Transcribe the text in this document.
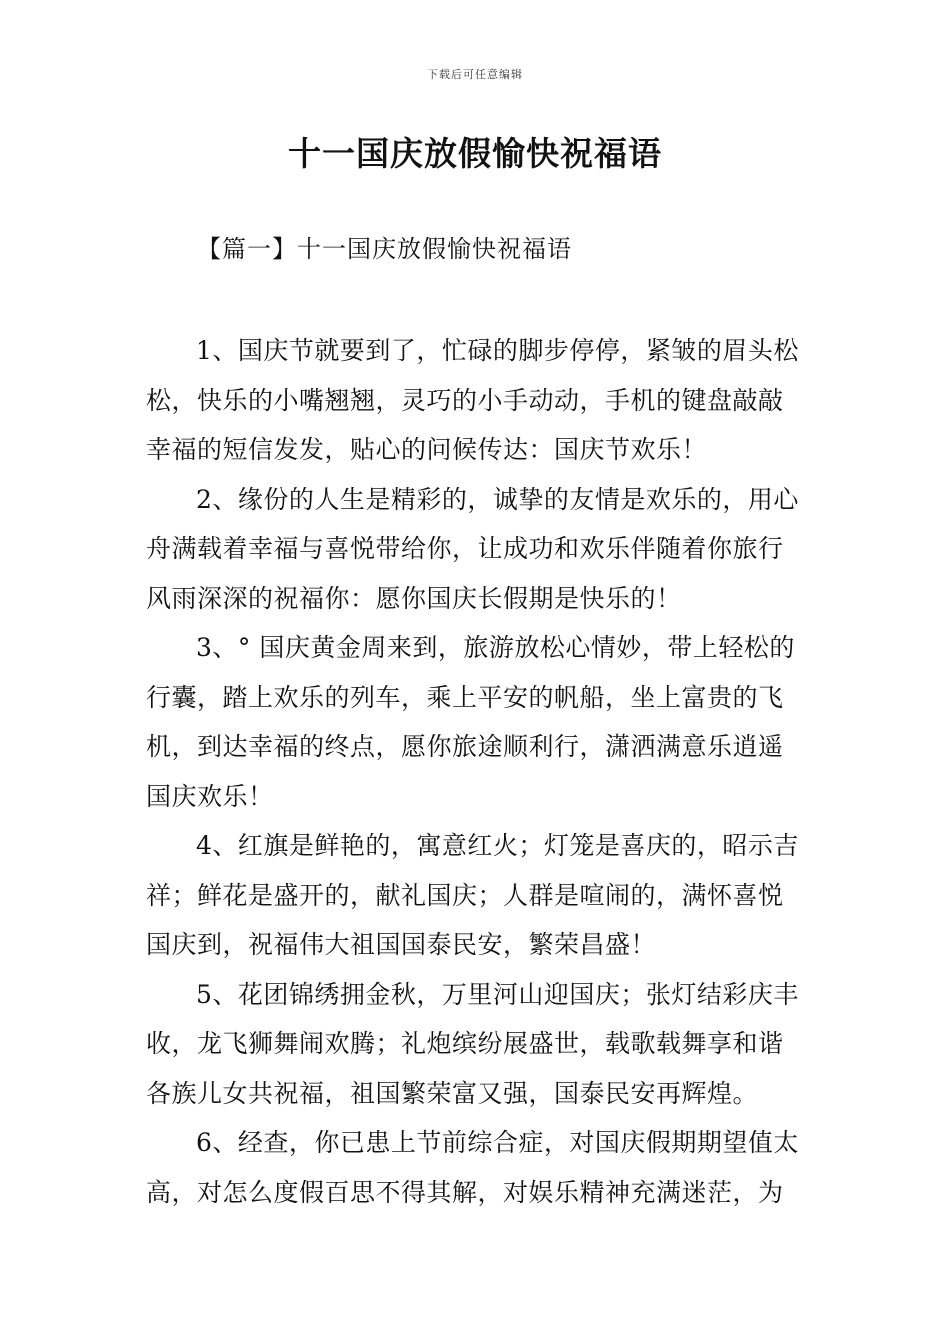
下载后可任意编辑
十一国庆放假愉快祝福语
【篇一】十一国庆放假愉快祝福语
1、国庆节就要到了，忙碌的脚步停停，紧皱的眉头松
松，快乐的小嘴翘翘，灵巧的小手动动，手机的键盘敲敲
幸福的短信发发，贴心的问候传达：国庆节欢乐！
2、缘份的人生是精彩的，诚挚的友情是欢乐的，用心
舟满载着幸福与喜悦带给你，让成功和欢乐伴随着你旅行
风雨深深的祝福你：愿你国庆长假期是快乐的！
3、° 国庆黄金周来到，旅游放松心情妙，带上轻松的
行囊，踏上欢乐的列车，乘上平安的帆船，坐上富贵的飞
机，到达幸福的终点，愿你旅途顺利行，潇洒满意乐逍遥
国庆欢乐！
4、红旗是鲜艳的，寓意红火；灯笼是喜庆的，昭示吉
祥；鲜花是盛开的，献礼国庆；人群是喧闹的，满怀喜悦
国庆到，祝福伟大祖国国泰民安，繁荣昌盛！
5、花团锦绣拥金秋，万里河山迎国庆；张灯结彩庆丰
收，龙飞狮舞闹欢腾；礼炮缤纷展盛世，载歌载舞享和谐
各族儿女共祝福，祖国繁荣富又强，国泰民安再辉煌。
6、经查，你已患上节前综合症，对国庆假期期望值太
高，对怎么度假百思不得其解，对娱乐精神充满迷茫，为
